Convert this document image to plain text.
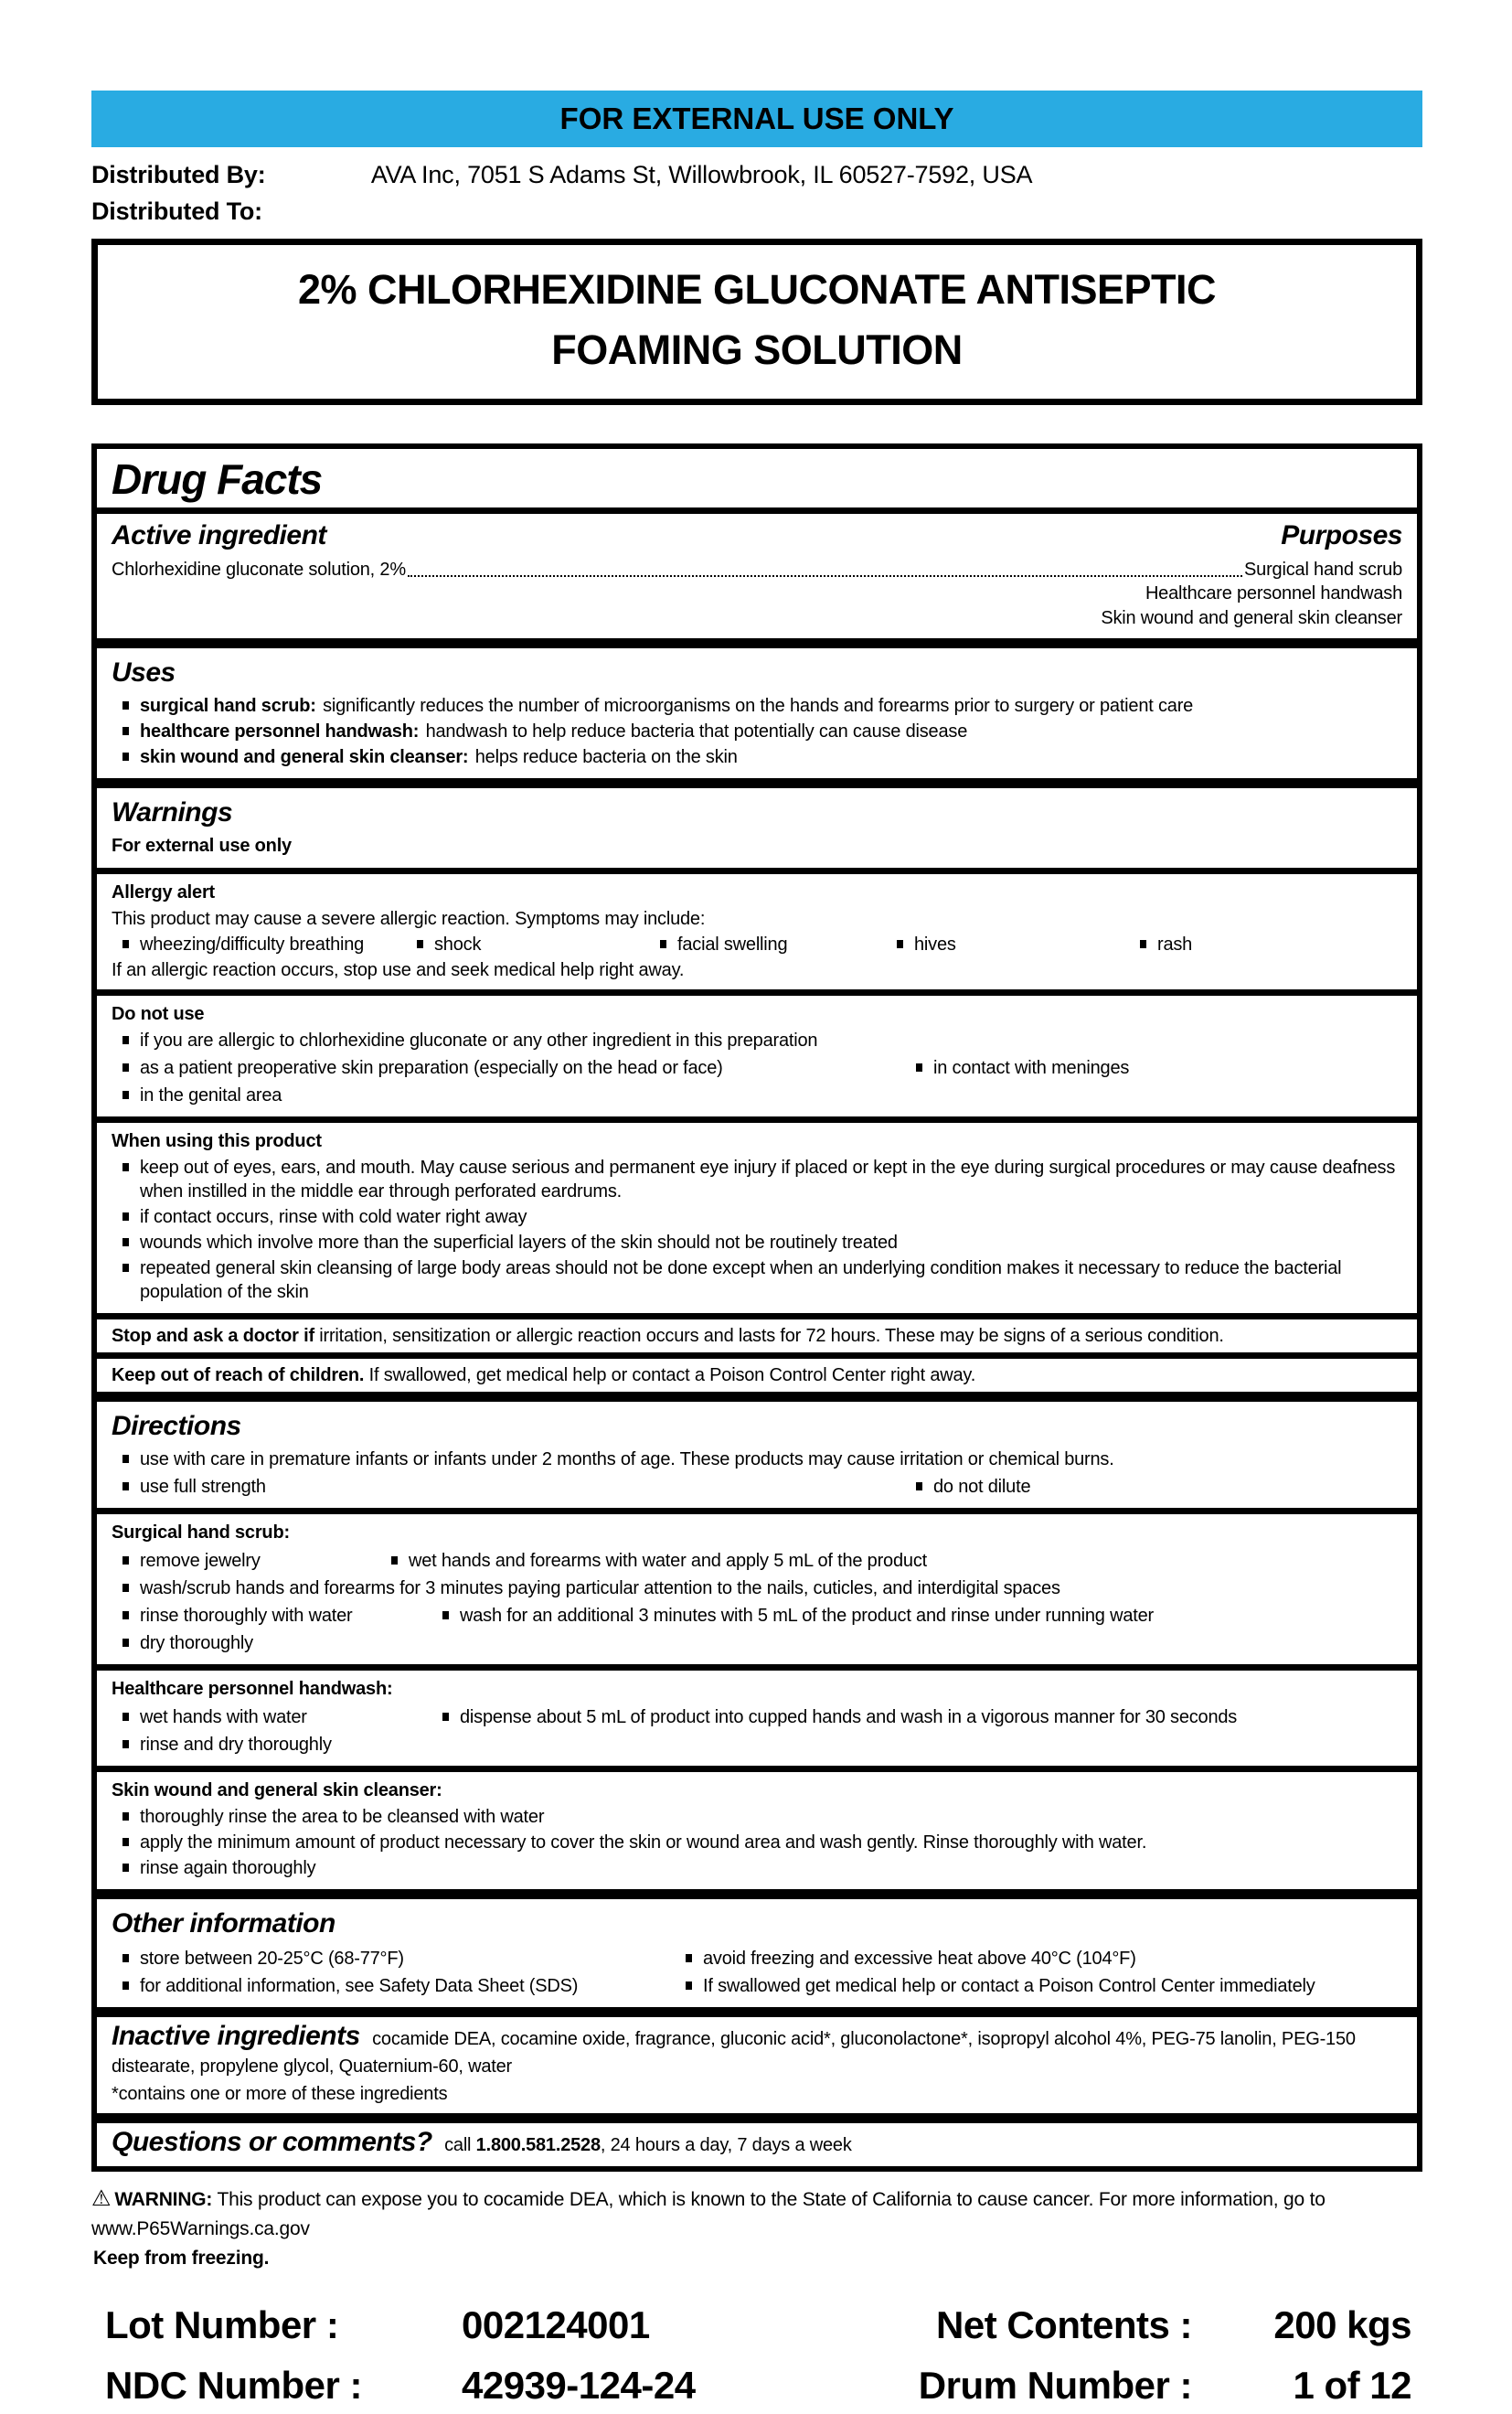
FOR EXTERNAL USE ONLY
Distributed By:	AVA Inc, 7051 S Adams St, Willowbrook, IL 60527-7592, USA
Distributed To:
2% CHLORHEXIDINE GLUCONATE ANTISEPTIC
FOAMING SOLUTION
Drug Facts
Active ingredient	Purposes
Chlorhexidine gluconate solution, 2%	Surgical hand scrub
Healthcare personnel handwash
Skin wound and general skin cleanser
Uses
surgical hand scrub: significantly reduces the number of microorganisms on the hands and forearms prior to surgery or patient care
healthcare personnel handwash: handwash to help reduce bacteria that potentially can cause disease
skin wound and general skin cleanser: helps reduce bacteria on the skin
Warnings
For external use only
Allergy alert
This product may cause a severe allergic reaction. Symptoms may include:
wheezing/difficulty breathing	shock	facial swelling	hives	rash
If an allergic reaction occurs, stop use and seek medical help right away.
Do not use
if you are allergic to chlorhexidine gluconate or any other ingredient in this preparation
as a patient preoperative skin preparation (especially on the head or face)	in contact with meninges
in the genital area
When using this product
keep out of eyes, ears, and mouth. May cause serious and permanent eye injury if placed or kept in the eye during surgical procedures or may cause deafness when instilled in the middle ear through perforated eardrums.
if contact occurs, rinse with cold water right away
wounds which involve more than the superficial layers of the skin should not be routinely treated
repeated general skin cleansing of large body areas should not be done except when an underlying condition makes it necessary to reduce the bacterial population of the skin
Stop and ask a doctor if irritation, sensitization or allergic reaction occurs and lasts for 72 hours. These may be signs of a serious condition.
Keep out of reach of children. If swallowed, get medical help or contact a Poison Control Center right away.
Directions
use with care in premature infants or infants under 2 months of age. These products may cause irritation or chemical burns.
use full strength	do not dilute
Surgical hand scrub:
remove jewelry	wet hands and forearms with water and apply 5 mL of the product
wash/scrub hands and forearms for 3 minutes paying particular attention to the nails, cuticles, and interdigital spaces
rinse thoroughly with water	wash for an additional 3 minutes with 5 mL of the product and rinse under running water
dry thoroughly
Healthcare personnel handwash:
wet hands with water	dispense about 5 mL of product into cupped hands and wash in a vigorous manner for 30 seconds
rinse and dry thoroughly
Skin wound and general skin cleanser:
thoroughly rinse the area to be cleansed with water
apply the minimum amount of product necessary to cover the skin or wound area and wash gently. Rinse thoroughly with water.
rinse again thoroughly
Other information
store between 20-25°C (68-77°F)	avoid freezing and excessive heat above 40°C (104°F)
for additional information, see Safety Data Sheet (SDS)	If swallowed get medical help or contact a Poison Control Center immediately
Inactive ingredients cocamide DEA, cocamine oxide, fragrance, gluconic acid*, gluconolactone*, isopropyl alcohol 4%, PEG-75 lanolin, PEG-150 distearate, propylene glycol, Quaternium-60, water
*contains one or more of these ingredients
Questions or comments? call 1.800.581.2528, 24 hours a day, 7 days a week
⚠ WARNING: This product can expose you to cocamide DEA, which is known to the State of California to cause cancer. For more information, go to www.P65Warnings.ca.gov
Keep from freezing.
Lot Number :	002124001	Net Contents :	200 kgs
NDC Number :	42939-124-24	Drum Number :	1 of 12
